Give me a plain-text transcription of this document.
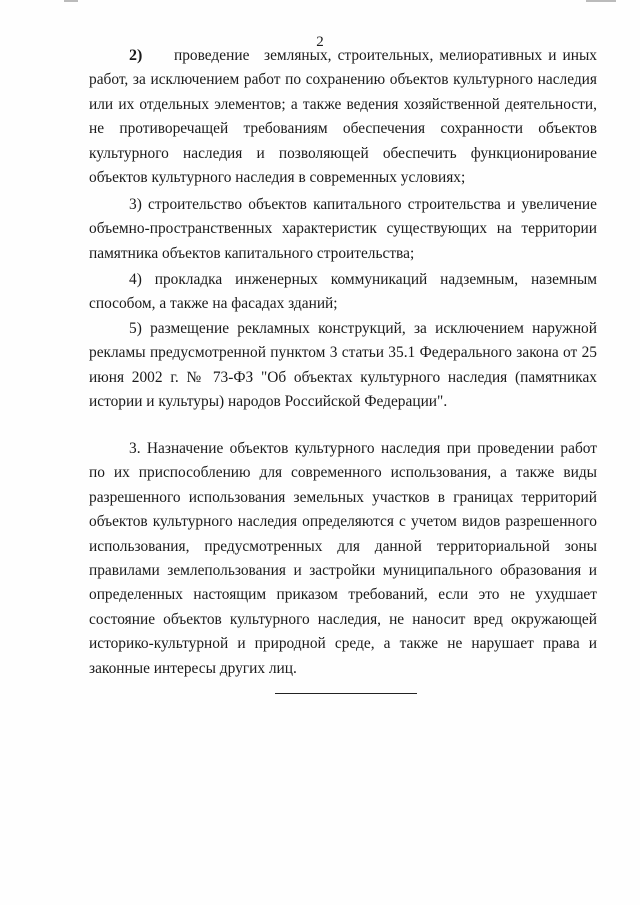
2
2) проведение земляных, строительных, мелиоративных и иных работ, за исключением работ по сохранению объектов культурного наследия или их отдельных элементов; а также ведения хозяйственной деятельности, не противоречащей требованиям обеспечения сохранности объектов культурного наследия и позволяющей обеспечить функционирование объектов культурного наследия в современных условиях;
3) строительство объектов капитального строительства и увеличение объемно-пространственных характеристик существующих на территории памятника объектов капитального строительства;
4) прокладка инженерных коммуникаций надземным, наземным способом, а также на фасадах зданий;
5) размещение рекламных конструкций, за исключением наружной рекламы предусмотренной пунктом 3 статьи 35.1 Федерального закона от 25 июня 2002 г. № 73-ФЗ "Об объектах культурного наследия (памятниках истории и культуры) народов Российской Федерации".
3. Назначение объектов культурного наследия при проведении работ по их приспособлению для современного использования, а также виды разрешенного использования земельных участков в границах территорий объектов культурного наследия определяются с учетом видов разрешенного использования, предусмотренных для данной территориальной зоны правилами землепользования и застройки муниципального образования и определенных настоящим приказом требований, если это не ухудшает состояние объектов культурного наследия, не наносит вред окружающей историко-культурной и природной среде, а также не нарушает права и законные интересы других лиц.
